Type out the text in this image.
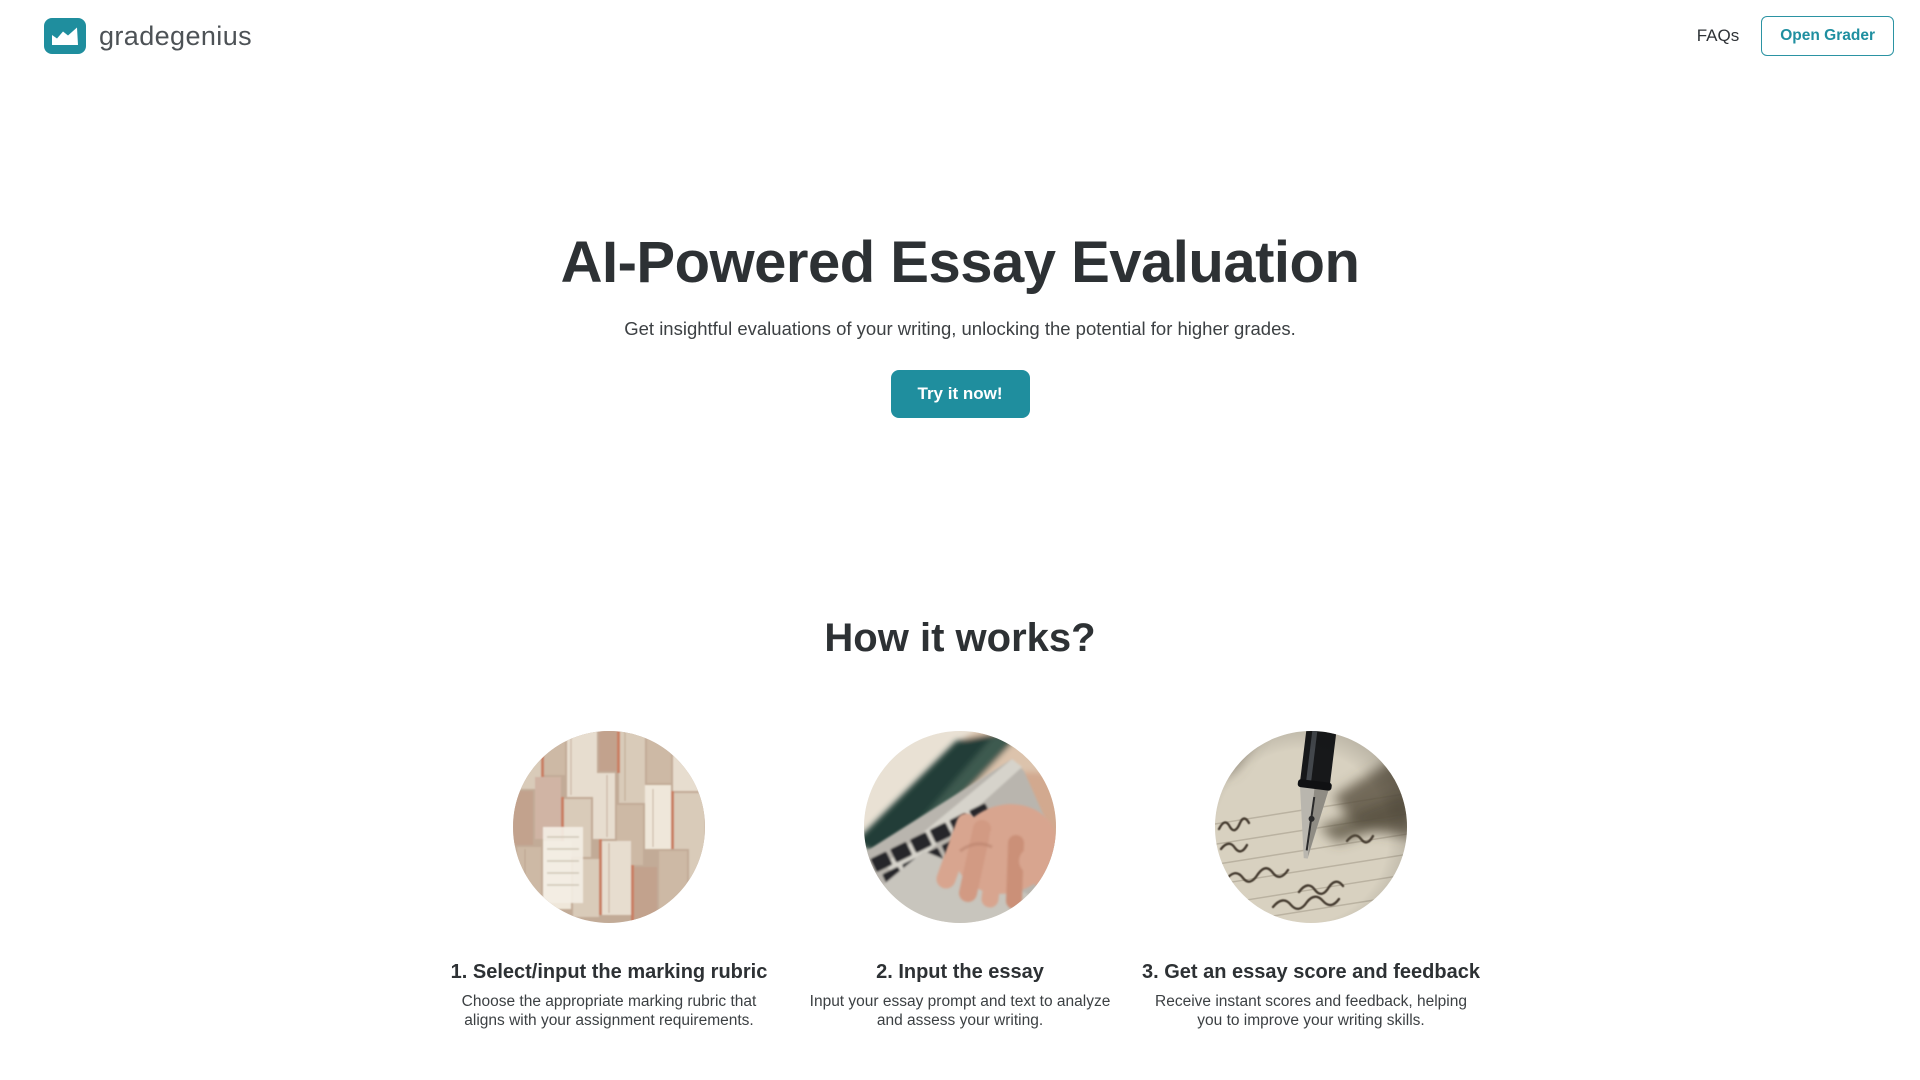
gradegenius	FAQs	Open Grader
AI-Powered Essay Evaluation
Get insightful evaluations of your writing, unlocking the potential for higher grades.
Try it now!
How it works?
1. Select/input the marking rubric
Choose the appropriate marking rubric that aligns with your assignment requirements.
2. Input the essay
Input your essay prompt and text to analyze and assess your writing.
3. Get an essay score and feedback
Receive instant scores and feedback, helping you to improve your writing skills.
